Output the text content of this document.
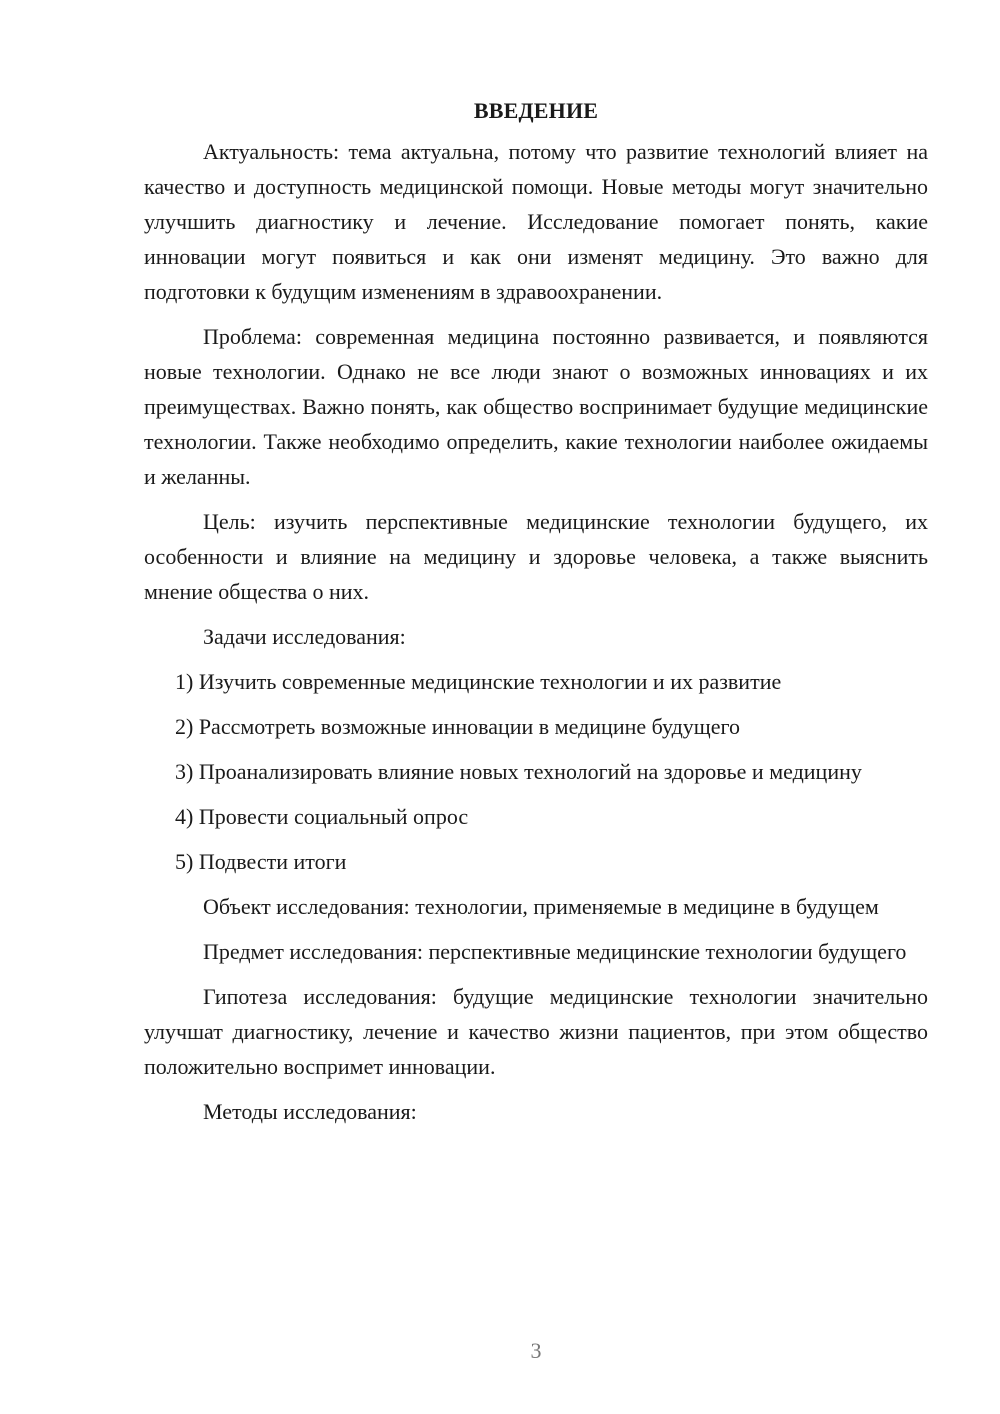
ВВЕДЕНИЕ

Актуальность: тема актуальна, потому что развитие технологий влияет на качество и доступность медицинской помощи. Новые методы могут значительно улучшить диагностику и лечение. Исследование помогает понять, какие инновации могут появиться и как они изменят медицину. Это важно для подготовки к будущим изменениям в здравоохранении.

Проблема: современная медицина постоянно развивается, и появляются новые технологии. Однако не все люди знают о возможных инновациях и их преимуществах. Важно понять, как общество воспринимает будущие медицинские технологии. Также необходимо определить, какие технологии наиболее ожидаемы и желанны.

Цель: изучить перспективные медицинские технологии будущего, их особенности и влияние на медицину и здоровье человека, а также выяснить мнение общества о них.

Задачи исследования:

1) Изучить современные медицинские технологии и их развитие

2) Рассмотреть возможные инновации в медицине будущего

3) Проанализировать влияние новых технологий на здоровье и медицину

4) Провести социальный опрос

5) Подвести итоги

Объект исследования: технологии, применяемые в медицине в будущем

Предмет исследования: перспективные медицинские технологии будущего

Гипотеза исследования: будущие медицинские технологии значительно улучшат диагностику, лечение и качество жизни пациентов, при этом общество положительно воспримет инновации.

Методы исследования:

3
